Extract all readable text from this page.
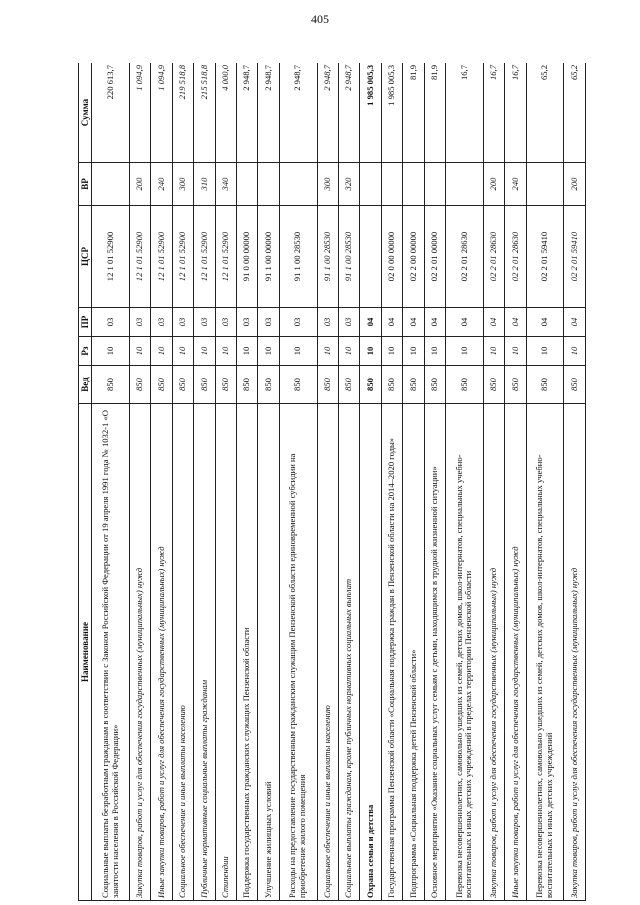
405
Наименование	Вед	Рз	ПР	ЦСР	ВР	Сумма
Социальные выплаты безработным гражданам в соответствии с Законом Российской Федерации от 19 апреля 1991 года № 1032-1 «О занятости населения в Российской Федерации»	850	10	03	12 1 01 52900		220 613,7
Закупка товаров, работ и услуг для обеспечения государственных (муниципальных) нужд	850	10	03	12 1 01 52900	200	1 094,9
Иные закупки товаров, работ и услуг для обеспечения государственных (муниципальных) нужд	850	10	03	12 1 01 52900	240	1 094,9
Социальное обеспечение и иные выплаты населению	850	10	03	12 1 01 52900	300	219 518,8
Публичные нормативные социальные выплаты гражданам	850	10	03	12 1 01 52900	310	215 518,8
Стипендии	850	10	03	12 1 01 52900	340	4 000,0
Поддержка государственных гражданских служащих Пензенской области	850	10	03	91 0 00 00000		2 948,7
Улучшение жилищных условий	850	10	03	91 1 00 00000		2 948,7
Расходы на предоставление государственным гражданским служащим Пензенской области единовременной субсидии на приобретение жилого помещения	850	10	03	91 1 00 28530		2 948,7
Социальное обеспечение и иные выплаты населению	850	10	03	91 1 00 28530	300	2 948,7
Социальные выплаты гражданам, кроме публичных нормативных социальных выплат	850	10	03	91 1 00 28530	320	2 948,7
Охрана семьи и детства	850	10	04			1 985 005,3
Государственная программа Пензенской области «Социальная поддержка граждан в Пензенской области на 2014–2020 годы»	850	10	04	02 0 00 00000		1 985 005,3
Подпрограмма «Социальная поддержка детей Пензенской области»	850	10	04	02 2 00 00000		81,9
Основное мероприятие «Оказание социальных услуг семьям с детьми, находящимся в трудной жизненной ситуации»	850	10	04	02 2 01 00000		81,9
Перевозка несовершеннолетних, самовольно ушедших из семей, детских домов, школ-интернатов, специальных учебно-воспитательных и иных детских учреждений в пределах территории Пензенской области	850	10	04	02 2 01 28630		16,7
Закупка товаров, работ и услуг для обеспечения государственных (муниципальных) нужд	850	10	04	02 2 01 28630	200	16,7
Иные закупки товаров, работ и услуг для обеспечения государственных (муниципальных) нужд	850	10	04	02 2 01 28630	240	16,7
Перевозка несовершеннолетних, самовольно ушедших из семей, детских домов, школ-интернатов, специальных учебно-воспитательных и иных детских учреждений	850	10	04	02 2 01 59410		65,2
Закупка товаров, работ и услуг для обеспечения государственных (муниципальных) нужд	850	10	04	02 2 01 59410	200	65,2
